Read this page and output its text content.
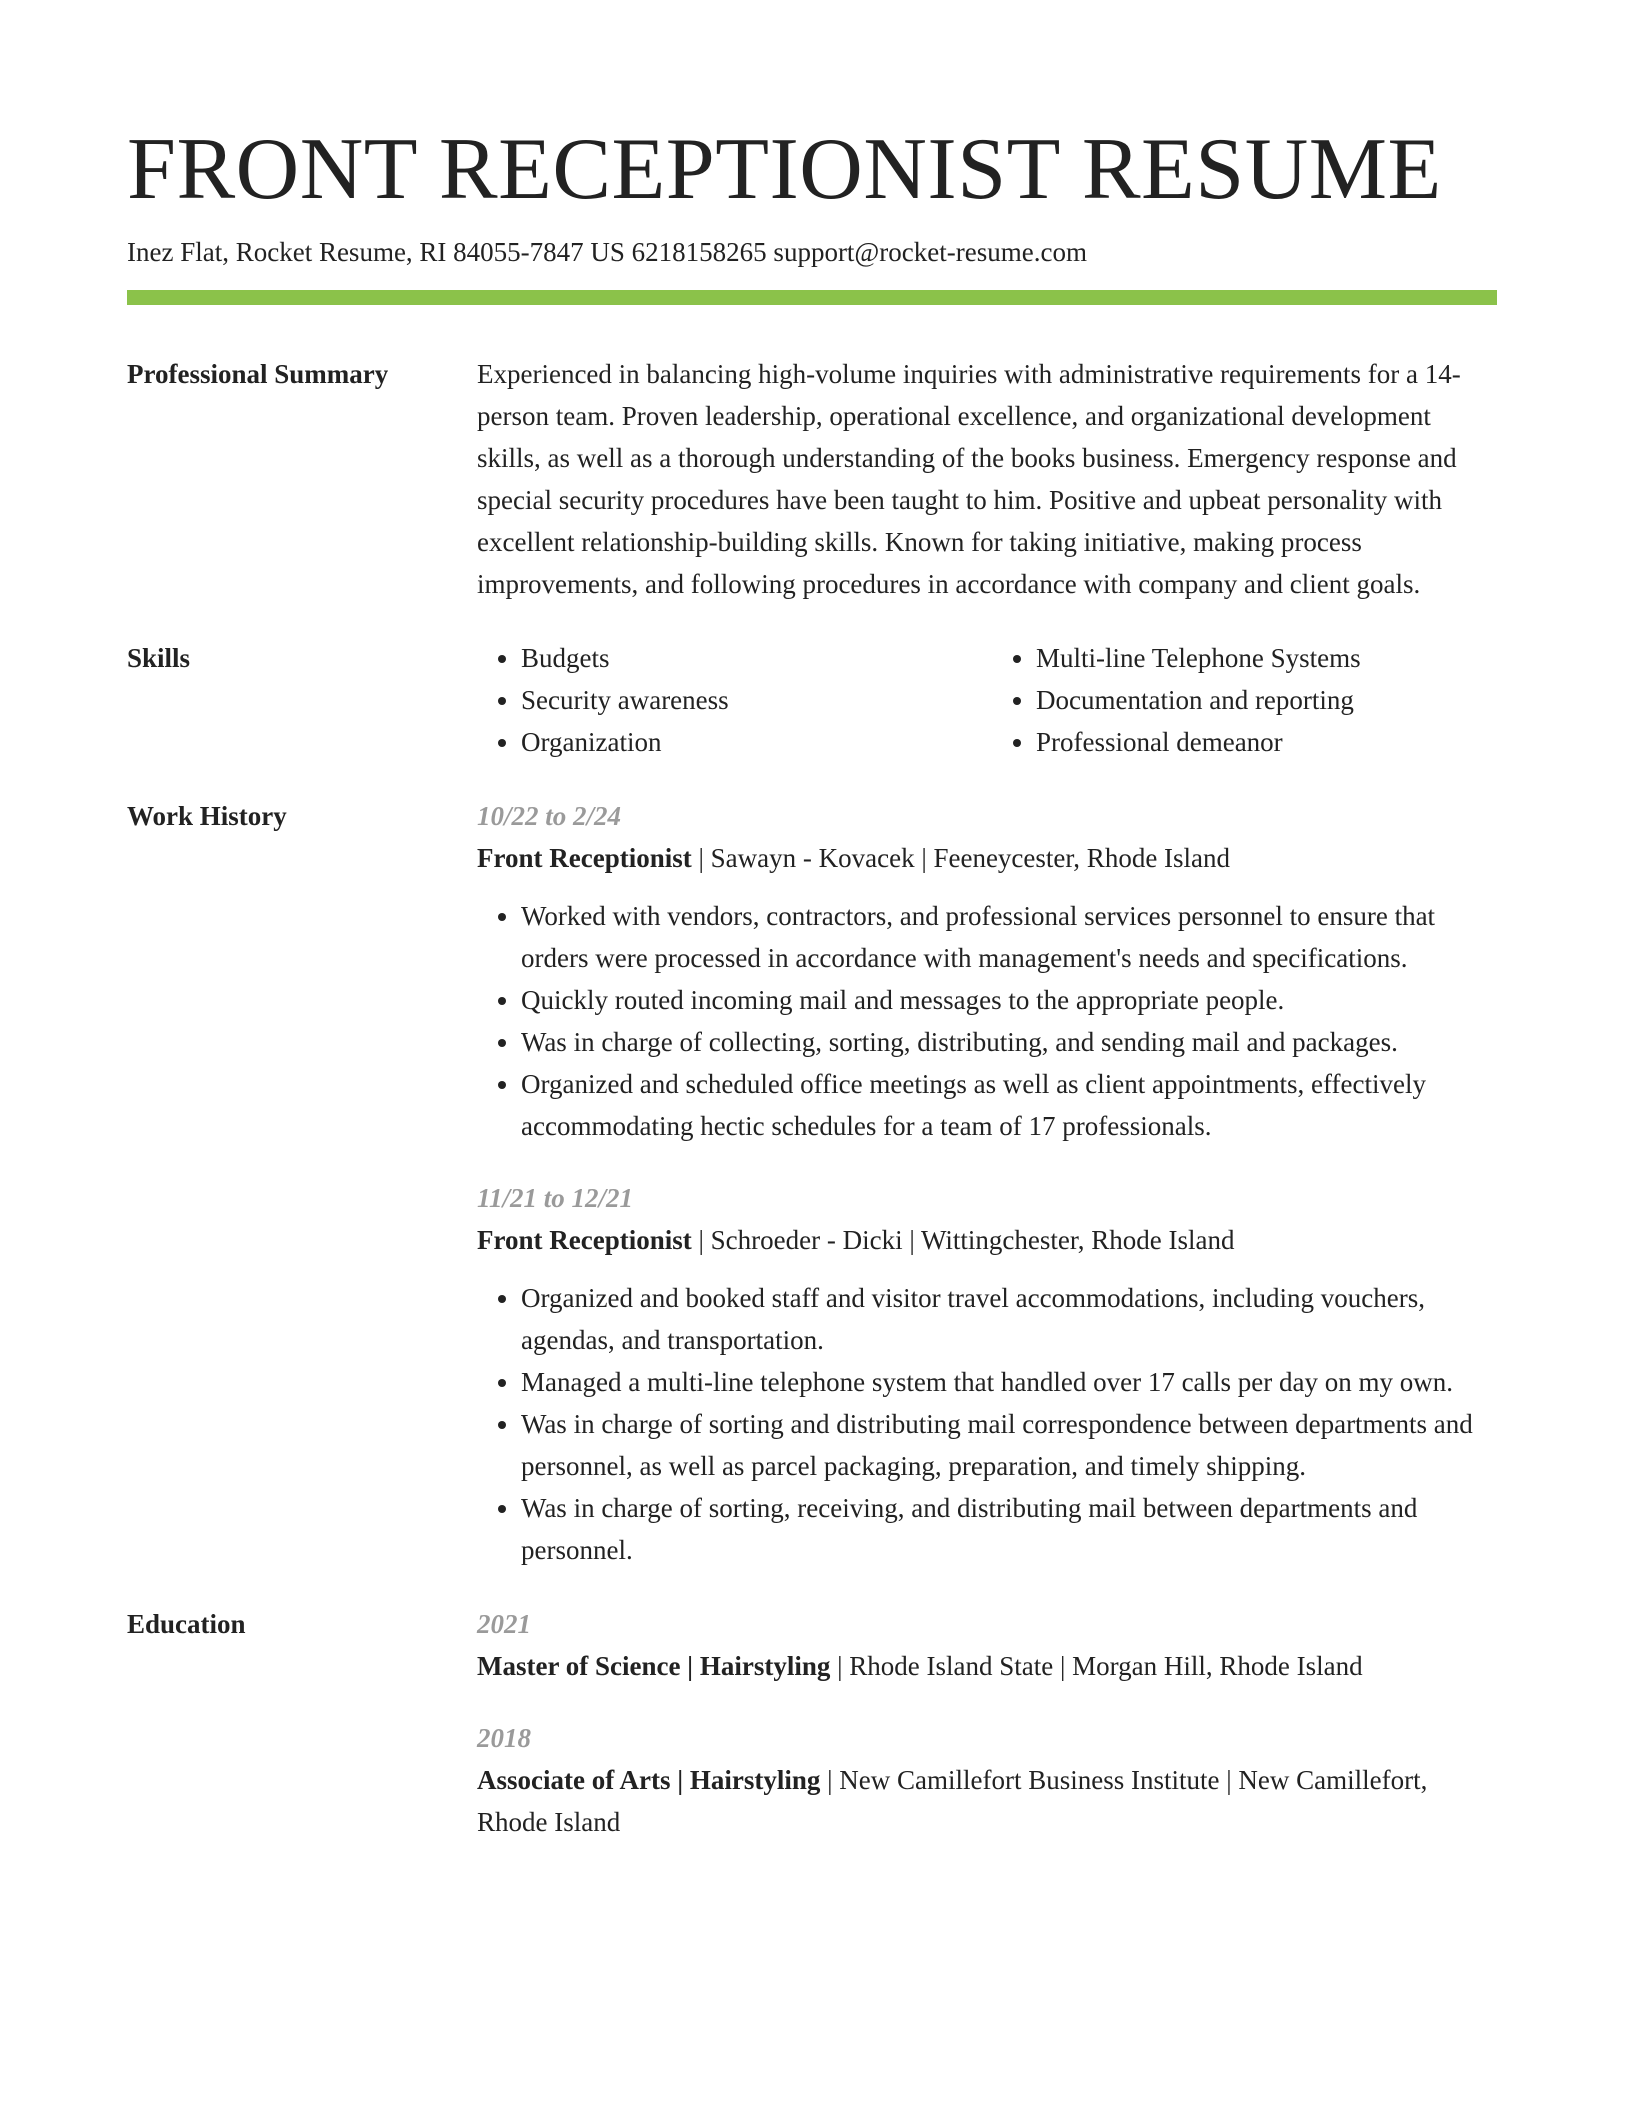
FRONT RECEPTIONIST RESUME
Inez Flat, Rocket Resume, RI 84055-7847 US 6218158265 support@rocket-resume.com
Professional Summary	Experienced in balancing high-volume inquiries with administrative requirements for a 14-person team. Proven leadership, operational excellence, and organizational development skills, as well as a thorough understanding of the books business. Emergency response and special security procedures have been taught to him. Positive and upbeat personality with excellent relationship-building skills. Known for taking initiative, making process improvements, and following procedures in accordance with company and client goals.
Skills
•	Budgets
• Security awareness
• Organization
• Multi-line Telephone Systems
• Documentation and reporting
• Professional demeanor
Work History	10/22 to 2/24
Front Receptionist | Sawayn - Kovacek | Feeneycester, Rhode Island
• Worked with vendors, contractors, and professional services personnel to ensure that orders were processed in accordance with management's needs and specifications.
• Quickly routed incoming mail and messages to the appropriate people.
• Was in charge of collecting, sorting, distributing, and sending mail and packages.
• Organized and scheduled office meetings as well as client appointments, effectively accommodating hectic schedules for a team of 17 professionals.
11/21 to 12/21
Front Receptionist | Schroeder - Dicki | Wittingchester, Rhode Island
• Organized and booked staff and visitor travel accommodations, including vouchers, agendas, and transportation.
• Managed a multi-line telephone system that handled over 17 calls per day on my own.
• Was in charge of sorting and distributing mail correspondence between departments and personnel, as well as parcel packaging, preparation, and timely shipping.
• Was in charge of sorting, receiving, and distributing mail between departments and personnel.
Education	2021
Master of Science | Hairstyling | Rhode Island State | Morgan Hill, Rhode Island
2018
Associate of Arts | Hairstyling | New Camillefort Business Institute | New Camillefort, Rhode Island
